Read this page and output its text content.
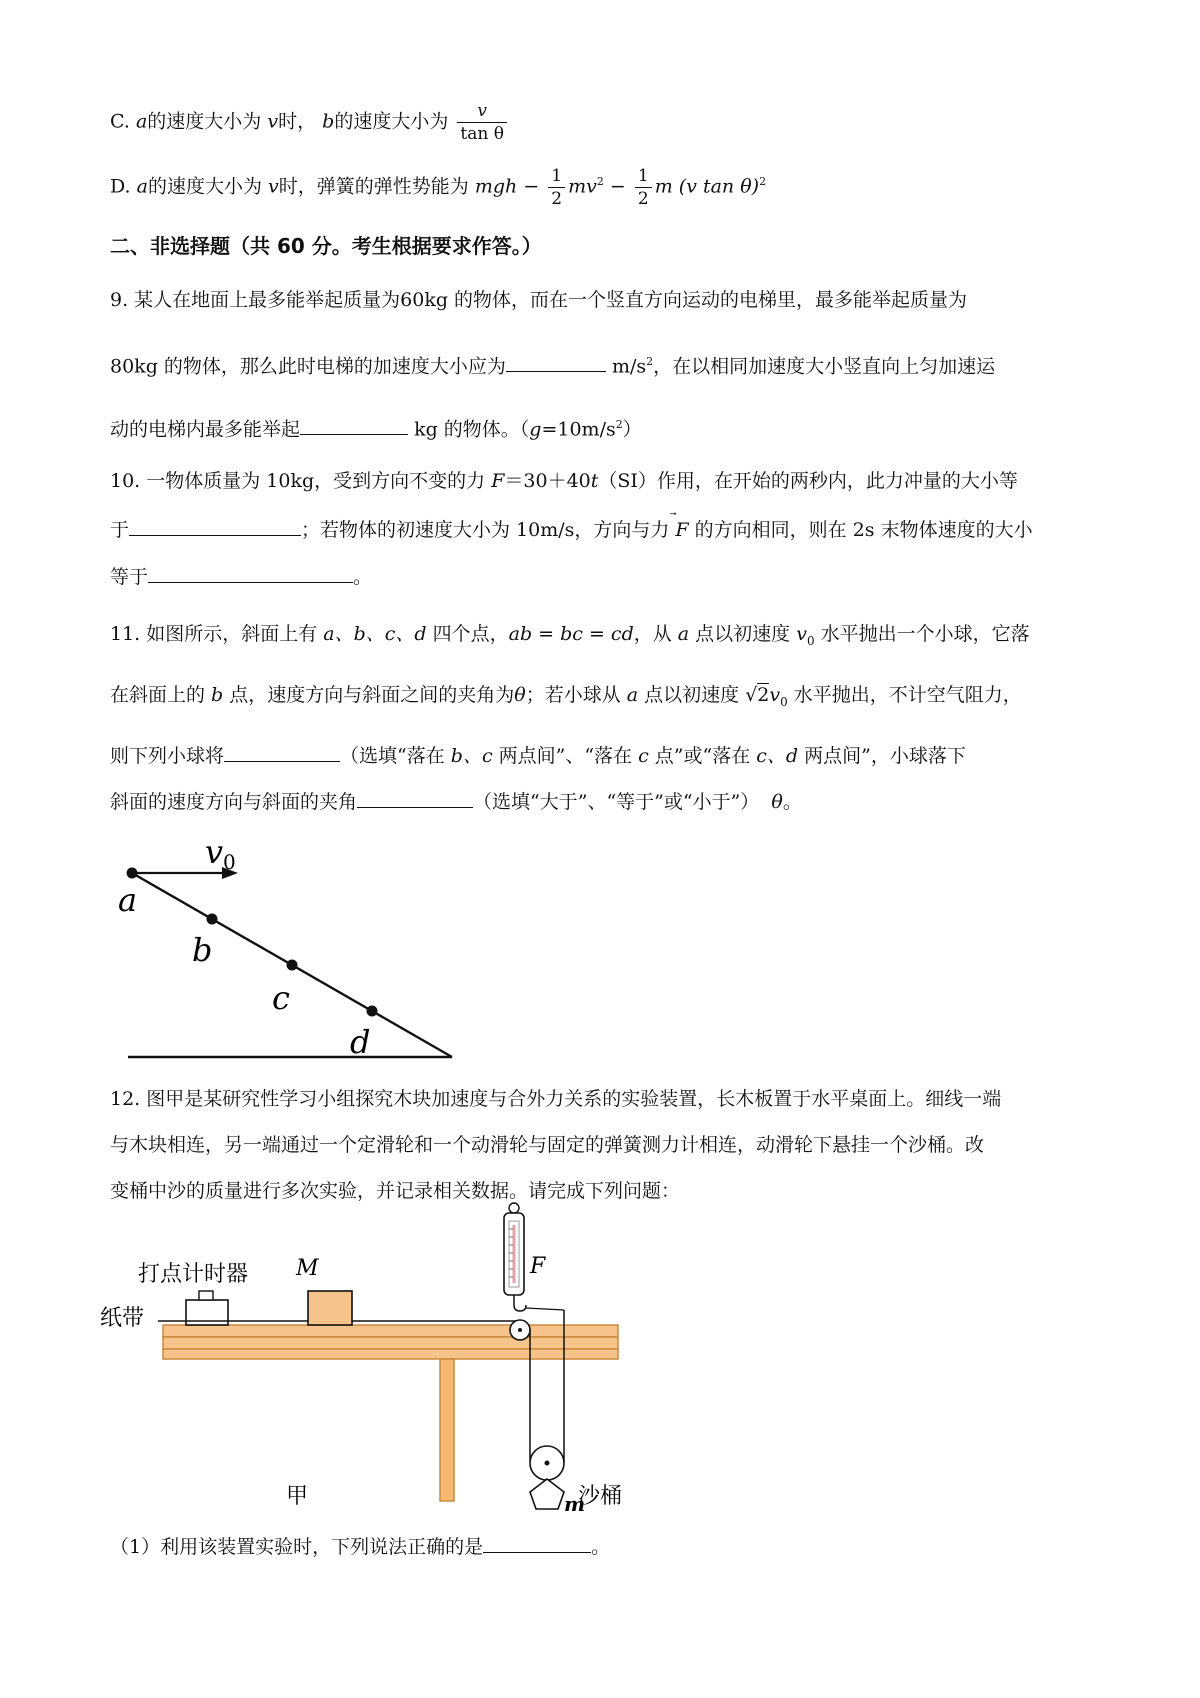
C. a的速度大小为 v时， b的速度大小为 $\frac{v}{\text{tan θ}}$
D. a的速度大小为 v时，弹簧的弹性势能为 mgh − $\frac{1}{2} mv^2 - \frac{1}{2}$ m (v tan θ)$^2$
二、非选择题（共 60 分。考生根据要求作答。）
9. 某人在地面上最多能举起质量为60kg 的物体，而在一个竖直方向运动的电梯里，最多能举起质量为
80kg 的物体，那么此时电梯的加速度大小应为	$m/s^2$，在以相同加速度大小竖直向上匀加速运
动的电梯内最多能举起	kg 的物体。$(g=10m/s^2)$
10. 一物体质量为 10kg，受到方向不变的力 F＝30＋40t（SI）作用，在开始的两秒内，此力冲量的大小等
于	；若物体的初速度大小为 10m/s，方向与力
F 的方向相同，则在 2s 末物体速度的大小
等于	。
11. 如图所示，斜面上有 a、b、c、d 四个点，ab = bc = cd，从 a 点以初速度 $v_0$ 水平抛出一个小球，它落
在斜面上的 b 点，速度方向与斜面之间的夹角为θ；若小球从 a 点以初速度 $√2v_0$ 水平抛出，不计空气阻力，
则下列小球将	（选填“落在 b、c 两点间”、“落在 c 点”或“落在 c、d 两点间”，小球落下
斜面的速度方向与斜面的夹角	（选填“大于”、“等于”或“小于”） θ。
v 0
a
b
c
d
12. 图甲是某研究性学习小组探究木块加速度与合外力关系的实验装置，长木板置于水平桌面上。细线一端
与木块相连，另一端通过一个定滑轮和一个动滑轮与固定的弹簧测力计相连，动滑轮下悬挂一个沙桶。改
变桶中沙的质量进行多次实验，并记录相关数据。请完成下列问题：
打点计时器
纸带
M	F
沙桶
m
甲
（1）利用该装置实验时，下列说法正确的是	。
